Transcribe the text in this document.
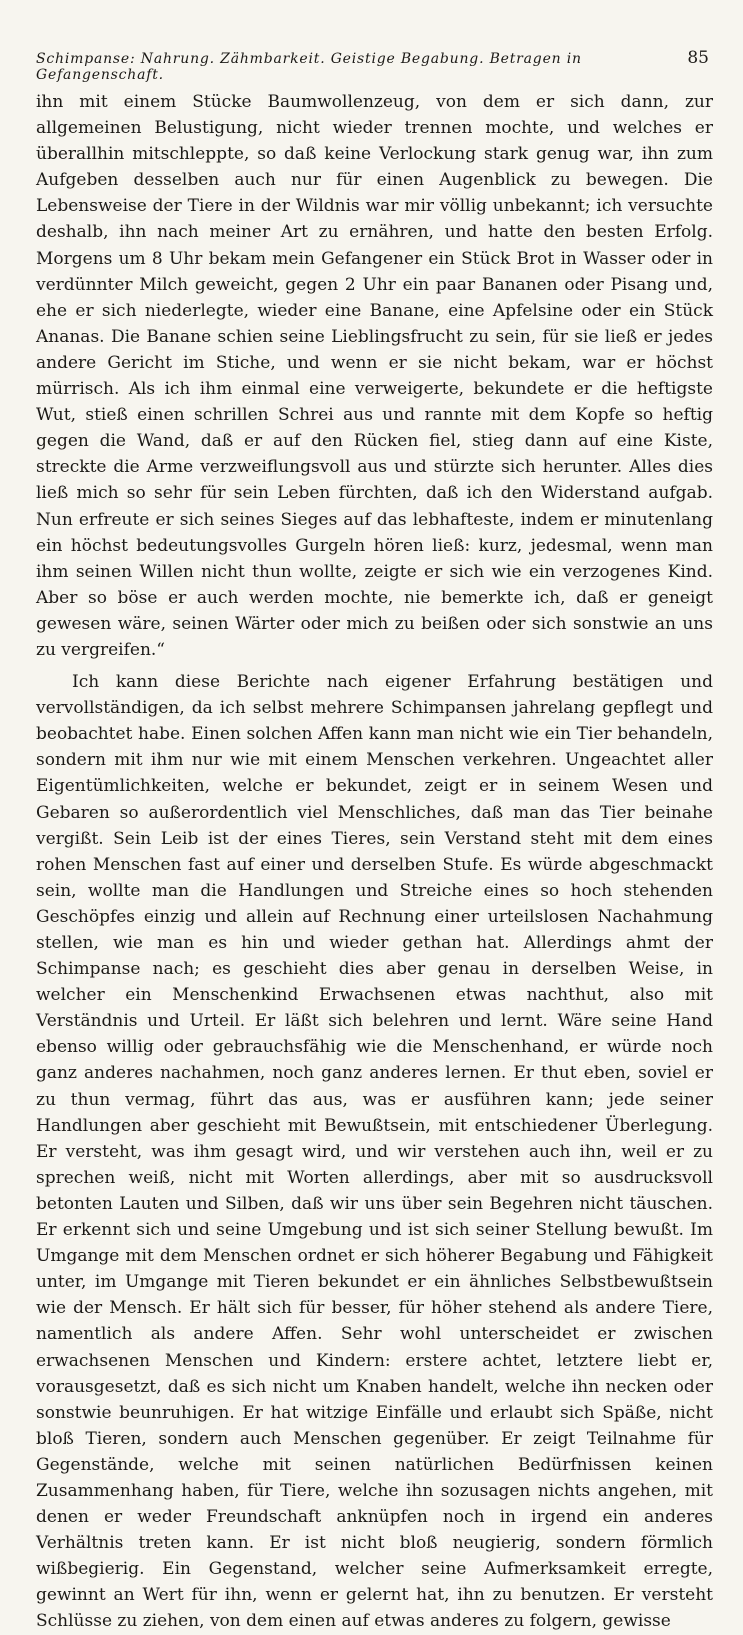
Schimpanse: Nahrung. Zähmbarkeit. Geistige Begabung. Betragen in Gefangenschaft.
85

ihn mit einem Stücke Baumwollenzeug, von dem er sich dann, zur allgemeinen Belustigung, nicht wieder trennen mochte, und welches er überallhin mitschleppte, so daß keine Verlockung stark genug war, ihn zum Aufgeben desselben auch nur für einen Augenblick zu bewegen. Die Lebensweise der Tiere in der Wildnis war mir völlig unbekannt; ich versuchte deshalb, ihn nach meiner Art zu ernähren, und hatte den besten Erfolg. Morgens um 8 Uhr bekam mein Gefangener ein Stück Brot in Wasser oder in verdünnter Milch geweicht, gegen 2 Uhr ein paar Bananen oder Pisang und, ehe er sich niederlegte, wieder eine Banane, eine Apfelsine oder ein Stück Ananas. Die Banane schien seine Lieblingsfrucht zu sein, für sie ließ er jedes andere Gericht im Stiche, und wenn er sie nicht bekam, war er höchst mürrisch. Als ich ihm einmal eine verweigerte, bekundete er die heftigste Wut, stieß einen schrillen Schrei aus und rannte mit dem Kopfe so heftig gegen die Wand, daß er auf den Rücken fiel, stieg dann auf eine Kiste, streckte die Arme verzweiflungsvoll aus und stürzte sich herunter. Alles dies ließ mich so sehr für sein Leben fürchten, daß ich den Widerstand aufgab. Nun erfreute er sich seines Sieges auf das lebhafteste, indem er minutenlang ein höchst bedeutungsvolles Gurgeln hören ließ: kurz, jedesmal, wenn man ihm seinen Willen nicht thun wollte, zeigte er sich wie ein verzogenes Kind. Aber so böse er auch werden mochte, nie bemerkte ich, daß er geneigt gewesen wäre, seinen Wärter oder mich zu beißen oder sich sonstwie an uns zu vergreifen.“

Ich kann diese Berichte nach eigener Erfahrung bestätigen und vervollständigen, da ich selbst mehrere Schimpansen jahrelang gepflegt und beobachtet habe. Einen solchen Affen kann man nicht wie ein Tier behandeln, sondern mit ihm nur wie mit einem Menschen verkehren. Ungeachtet aller Eigentümlichkeiten, welche er bekundet, zeigt er in seinem Wesen und Gebaren so außerordentlich viel Menschliches, daß man das Tier beinahe vergißt. Sein Leib ist der eines Tieres, sein Verstand steht mit dem eines rohen Menschen fast auf einer und derselben Stufe. Es würde abgeschmackt sein, wollte man die Handlungen und Streiche eines so hoch stehenden Geschöpfes einzig und allein auf Rechnung einer urteilslosen Nachahmung stellen, wie man es hin und wieder gethan hat. Allerdings ahmt der Schimpanse nach; es geschieht dies aber genau in derselben Weise, in welcher ein Menschenkind Erwachsenen etwas nachthut, also mit Verständnis und Urteil. Er läßt sich belehren und lernt. Wäre seine Hand ebenso willig oder gebrauchsfähig wie die Menschenhand, er würde noch ganz anderes nachahmen, noch ganz anderes lernen. Er thut eben, soviel er zu thun vermag, führt das aus, was er ausführen kann; jede seiner Handlungen aber geschieht mit Bewußtsein, mit entschiedener Überlegung. Er versteht, was ihm gesagt wird, und wir verstehen auch ihn, weil er zu sprechen weiß, nicht mit Worten allerdings, aber mit so ausdrucksvoll betonten Lauten und Silben, daß wir uns über sein Begehren nicht täuschen. Er erkennt sich und seine Umgebung und ist sich seiner Stellung bewußt. Im Umgange mit dem Menschen ordnet er sich höherer Begabung und Fähigkeit unter, im Umgange mit Tieren bekundet er ein ähnliches Selbstbewußtsein wie der Mensch. Er hält sich für besser, für höher stehend als andere Tiere, namentlich als andere Affen. Sehr wohl unterscheidet er zwischen erwachsenen Menschen und Kindern: erstere achtet, letztere liebt er, vorausgesetzt, daß es sich nicht um Knaben handelt, welche ihn necken oder sonstwie beunruhigen. Er hat witzige Einfälle und erlaubt sich Späße, nicht bloß Tieren, sondern auch Menschen gegenüber. Er zeigt Teilnahme für Gegenstände, welche mit seinen natürlichen Bedürfnissen keinen Zusammenhang haben, für Tiere, welche ihn sozusagen nichts angehen, mit denen er weder Freundschaft anknüpfen noch in irgend ein anderes Verhältnis treten kann. Er ist nicht bloß neugierig, sondern förmlich wißbegierig. Ein Gegenstand, welcher seine Aufmerksamkeit erregte, gewinnt an Wert für ihn, wenn er gelernt hat, ihn zu benutzen. Er versteht Schlüsse zu ziehen, von dem einen auf etwas anderes zu folgern, gewisse
